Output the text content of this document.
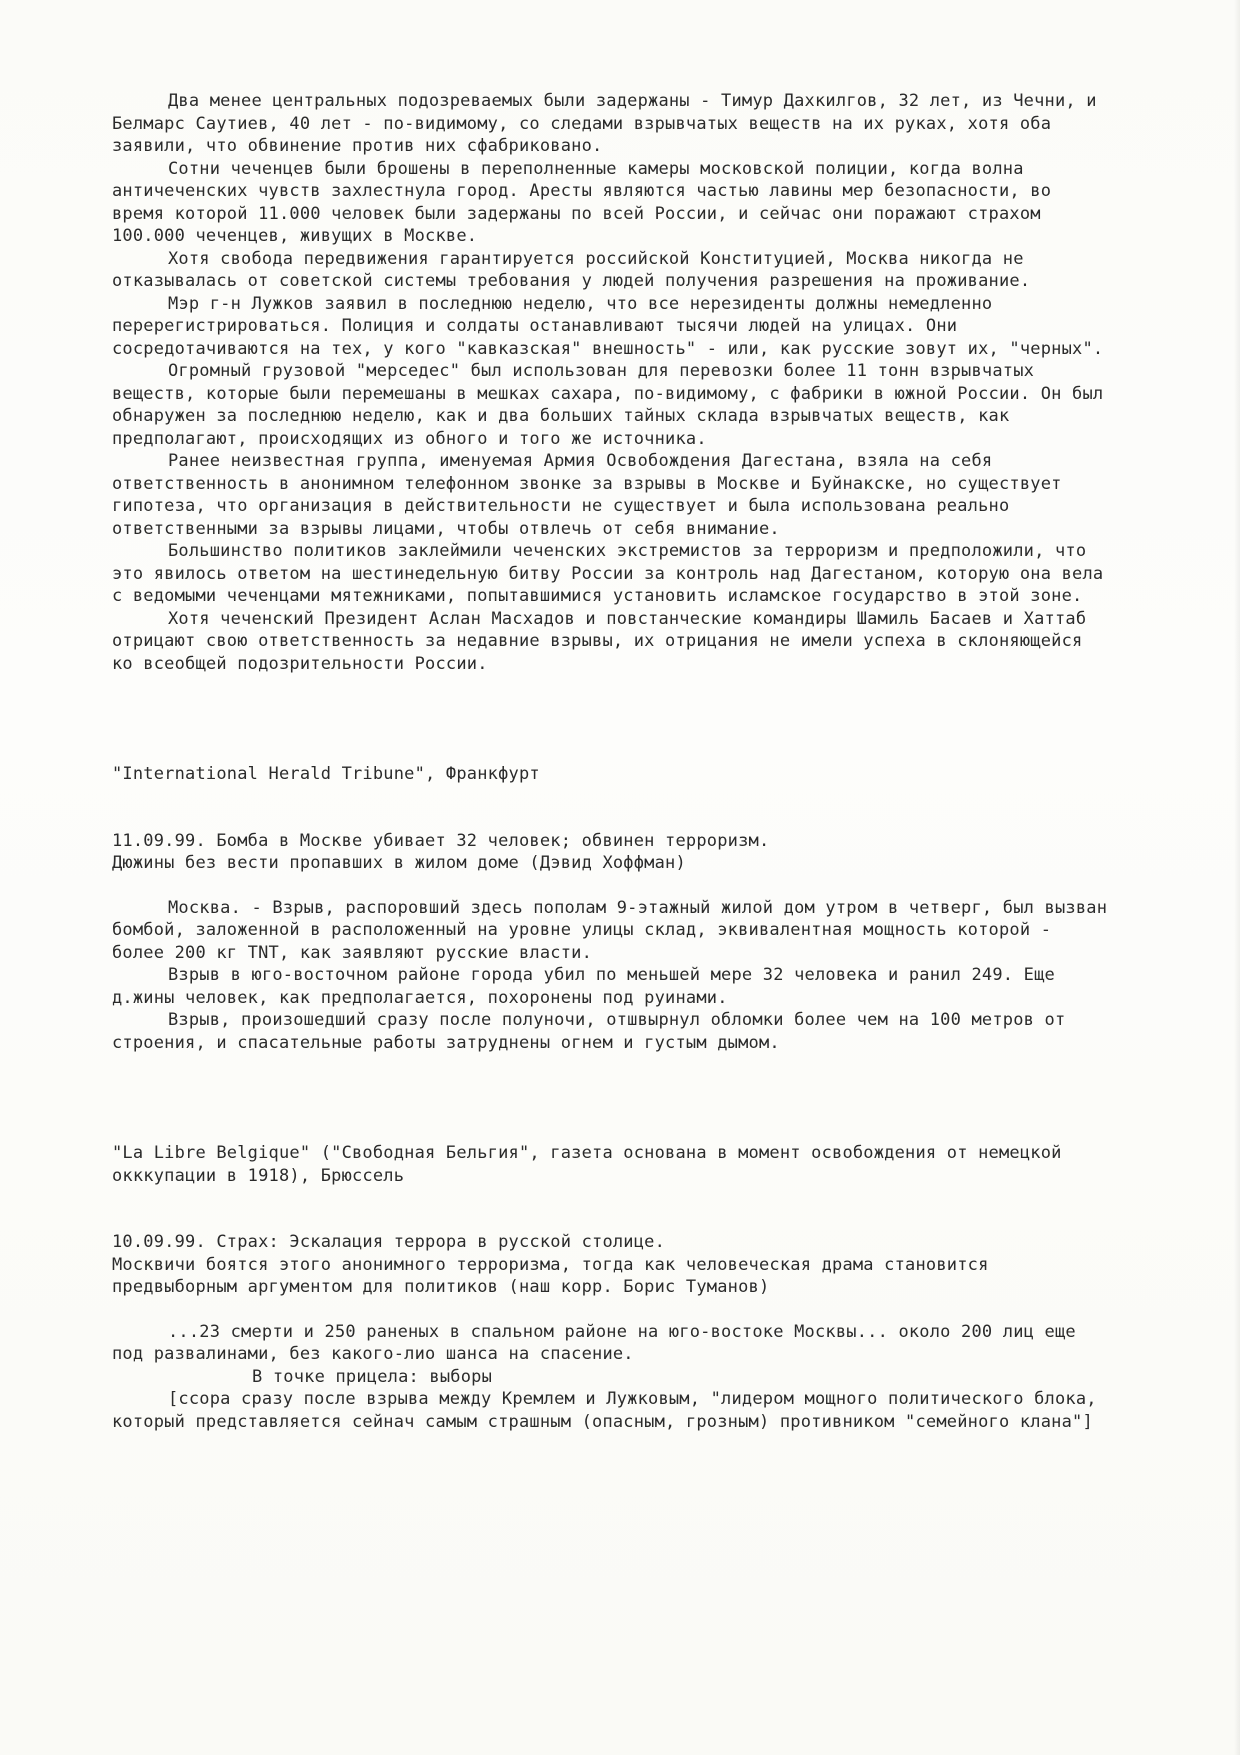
Два менее центральных подозреваемых были задержаны - Тимур Дахкилгов, 32 лет, из Чечни, и Белмарс Саутиев, 40 лет - по-видимому, со следами взрывчатых веществ на их руках, хотя оба заявили, что обвинение против них сфабриковано.

Сотни чеченцев были брошены в переполненные камеры московской полиции, когда волна античеченских чувств захлестнула город. Аресты являются частью лавины мер безопасности, во время которой 11.000 человек были задержаны по всей России, и сейчас они поражают страхом 100.000 чеченцев, живущих в Москве.

Хотя свобода передвижения гарантируется российской Конституцией, Москва никогда не отказывалась от советской системы требования у людей получения разрешения на проживание.

Мэр г-н Лужков заявил в последнюю неделю, что все нерезиденты должны немедленно перерегистрироваться. Полиция и солдаты останавливают тысячи людей на улицах. Они сосредотачиваются на тех, у кого "кавказская" внешность" - или, как русские зовут их, "черных".

Огромный грузовой "мерседес" был использован для перевозки более 11 тонн взрывчатых веществ, которые были перемешаны в мешках сахара, по-видимому, с фабрики в южной России. Он был обнаружен за последнюю неделю, как и два больших тайных склада взрывчатых веществ, как предполагают, происходящих из обного и того же источника.

Ранее неизвестная группа, именуемая Армия Освобождения Дагестана, взяла на себя ответственность в анонимном телефонном звонке за взрывы в Москве и Буйнакске, но существует гипотеза, что организация в действительности не существует и была использована реально ответственными за взрывы лицами, чтобы отвлечь от себя внимание.

Большинство политиков заклеймили чеченских экстремистов за терроризм и предположили, что это явилось ответом на шестинедельную битву России за контроль над Дагестаном, которую она вела с ведомыми чеченцами мятежниками, попытавшимися установить исламское государство в этой зоне.

Хотя чеченский Президент Аслан Масхадов и повстанческие командиры Шамиль Басаев и Хаттаб отрицают свою ответственность за недавние взрывы, их отрицания не имели успеха в склоняющейся ко всеобщей подозрительности России.

"International Herald Tribune", Франкфурт

11.09.99. Бомба в Москве убивает 32 человек; обвинен терроризм.

Дюжины без вести пропавших в жилом доме (Дэвид Хоффман)

Москва. - Взрыв, распоровший здесь пополам 9-этажный жилой дом утром в четверг, был вызван бомбой, заложенной в расположенный на уровне улицы склад, эквивалентная мощность которой - более 200 кг TNT, как заявляют русские власти.

Взрыв в юго-восточном районе города убил по меньшей мере 32 человека и ранил 249. Еще д.жины человек, как предполагается, похоронены под руинами.

Взрыв, произошедший сразу после полуночи, отшвырнул обломки более чем на 100 метров от строения, и спасательные работы затруднены огнем и густым дымом.

"La Libre Belgique" ("Свободная Бельгия", газета основана в момент освобождения от немецкой окккупации в 1918), Брюссель

10.09.99. Страх: Эскалация террора в русской столице.

Москвичи боятся этого анонимного терроризма, тогда как человеческая драма становится предвыборным аргументом для политиков (наш корр. Борис Туманов)

...23 смерти и 250 раненых в спальном районе на юго-востоке Москвы... около 200 лиц еще под развалинами, без какого-лио шанса на спасение.

В точке прицела: выборы

[ссора сразу после взрыва между Кремлем и Лужковым, "лидером мощного политического блока, который представляется сейнач самым страшным (опасным, грозным) противником "семейного клана"]
